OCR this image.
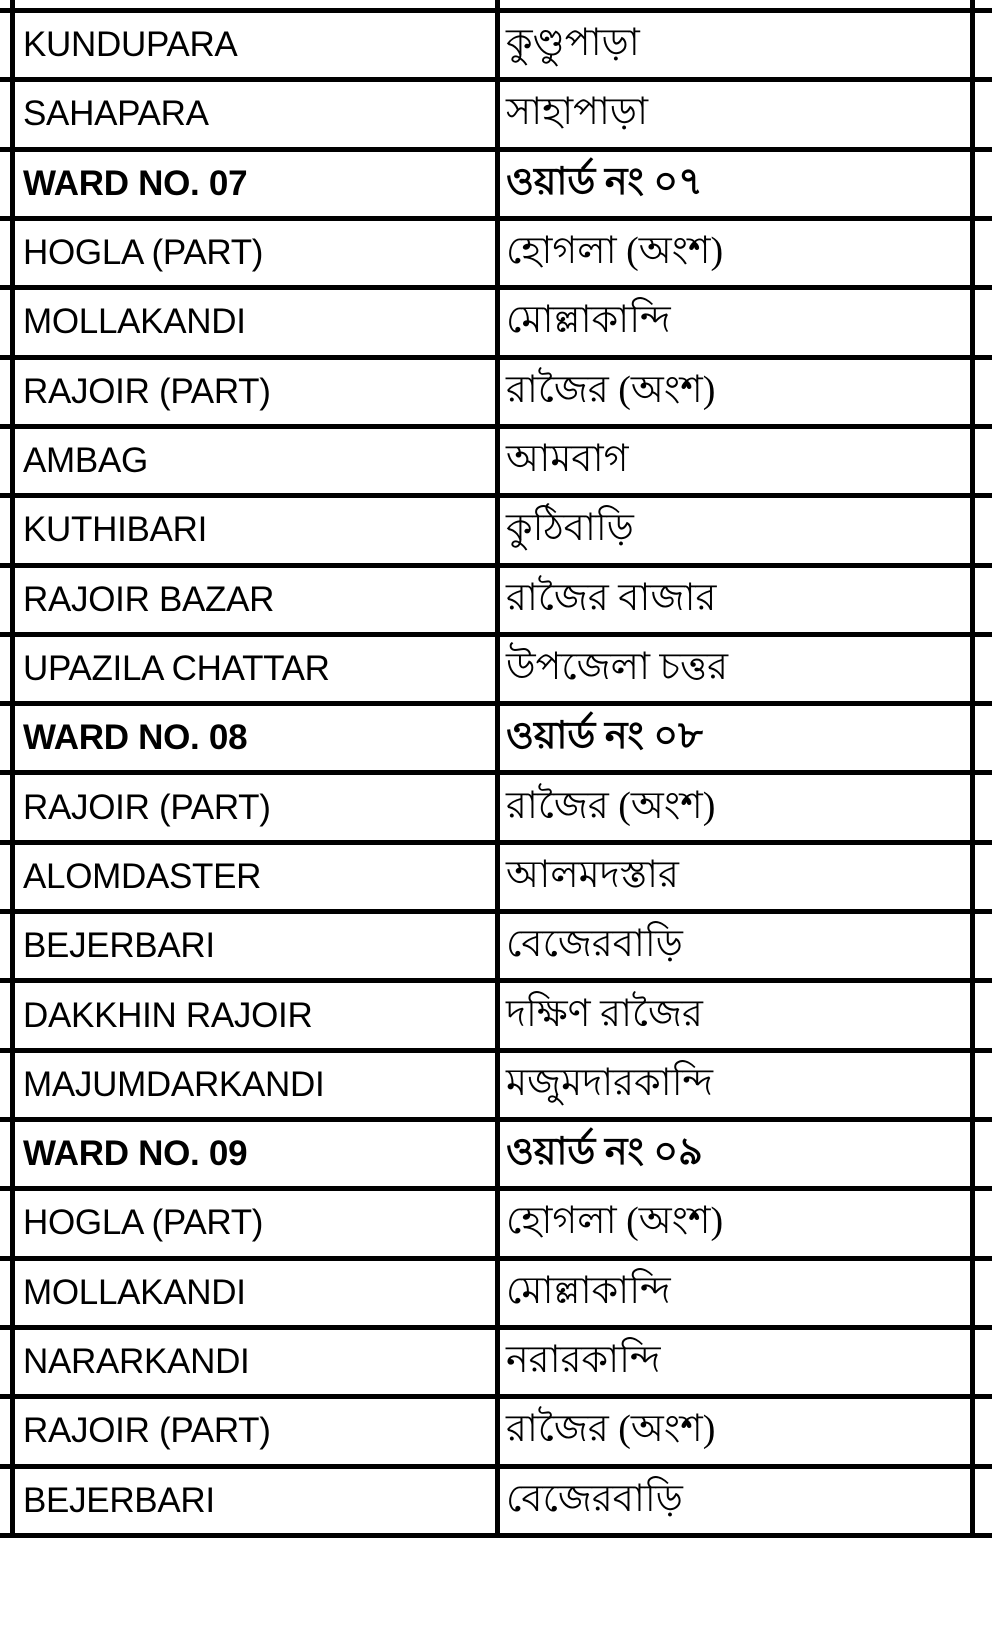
KUNDUPARA	কুণ্ডুপাড়া
SAHAPARA	সাহাপাড়া
WARD NO. 07	ওয়ার্ড নং ০৭
HOGLA (PART)	হোগলা (অংশ)
MOLLAKANDI	মোল্লাকান্দি
RAJOIR (PART)	রাজৈর (অংশ)
AMBAG	আমবাগ
KUTHIBARI	কুঠিবাড়ি
RAJOIR BAZAR	রাজৈর বাজার
UPAZILA CHATTAR	উপজেলা চত্তর
WARD NO. 08	ওয়ার্ড নং ০৮
RAJOIR (PART)	রাজৈর (অংশ)
ALOMDASTER	আলমদস্তার
BEJERBARI	বেজেরবাড়ি
DAKKHIN RAJOIR	দক্ষিণ রাজৈর
MAJUMDARKANDI	মজুমদারকান্দি
WARD NO. 09	ওয়ার্ড নং ০৯
HOGLA (PART)	হোগলা (অংশ)
MOLLAKANDI	মোল্লাকান্দি
NARARKANDI	নরারকান্দি
RAJOIR (PART)	রাজৈর (অংশ)
BEJERBARI	বেজেরবাড়ি
